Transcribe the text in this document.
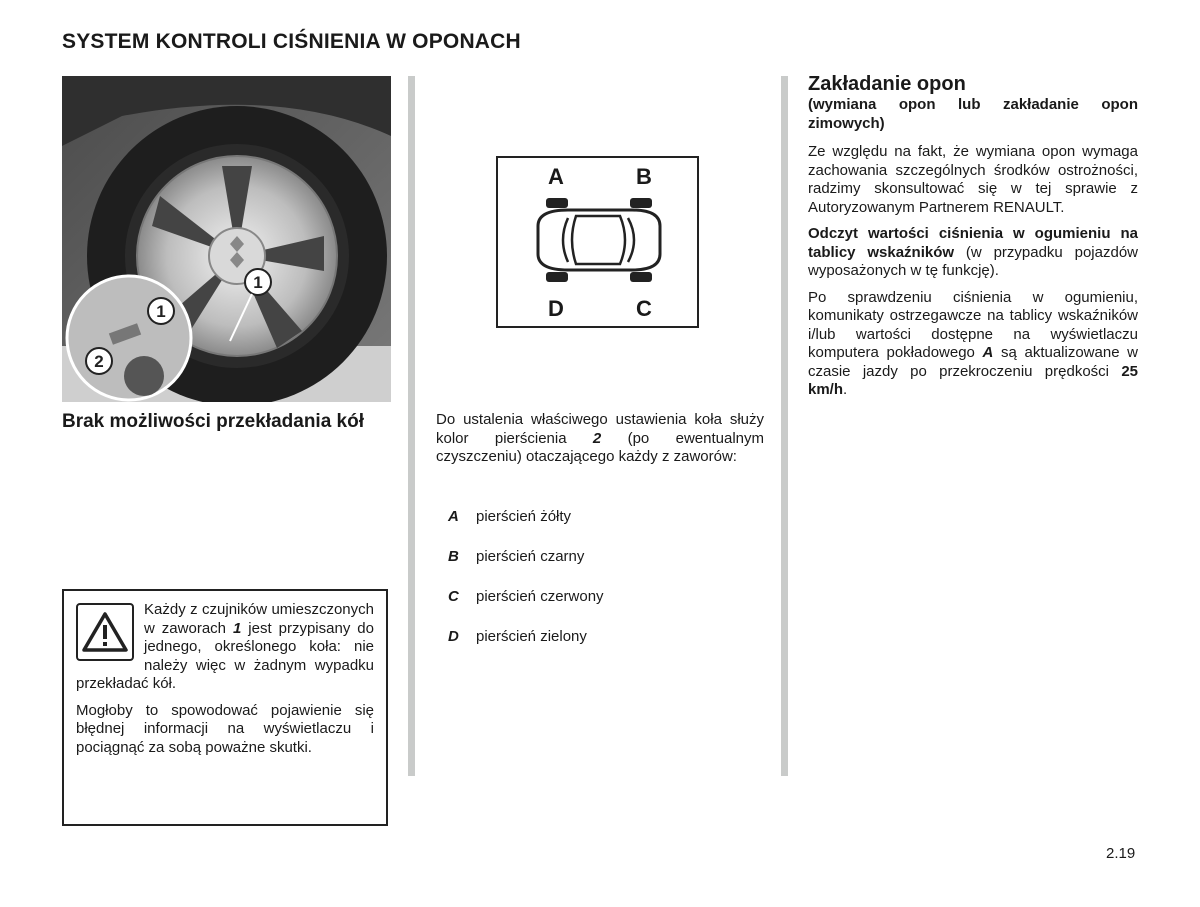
SYSTEM KONTROLI CIŚNIENIA W OPONACH
1
1
2
Brak możliwości przekładania kół

Każdy z czujników umieszczonych w zaworach 1 jest przypisany do jednego, określonego koła: nie należy więc w żadnym wypadku przekładać kół.

Mogłoby to spowodować pojawienie się błędnej informacji na wyświetlaczu i pociągnąć za sobą poważne skutki.

A	B
D	C

Do ustalenia właściwego ustawienia koła służy kolor pierścienia 2 (po ewentualnym czyszczeniu) otaczającego każdy z zaworów:

A pierścień żółty
B pierścień czarny
C pierścień czerwony
D pierścień zielony
Zakładanie opon
(wymiana opon lub zakładanie opon zimowych)

Ze względu na fakt, że wymiana opon wymaga zachowania szczególnych środków ostrożności, radzimy skonsultować się w tej sprawie z Autoryzowanym Partnerem RENAULT.

Odczyt wartości ciśnienia w ogumieniu na tablicy wskaźników (w przypadku pojazdów wyposażonych w tę funkcję).

Po sprawdzeniu ciśnienia w ogumieniu, komunikaty ostrzegawcze na tablicy wskaźników i/lub wartości dostępne na wyświetlaczu komputera pokładowego A są aktualizowane w czasie jazdy po przekroczeniu prędkości 25 km/h.

2.19
